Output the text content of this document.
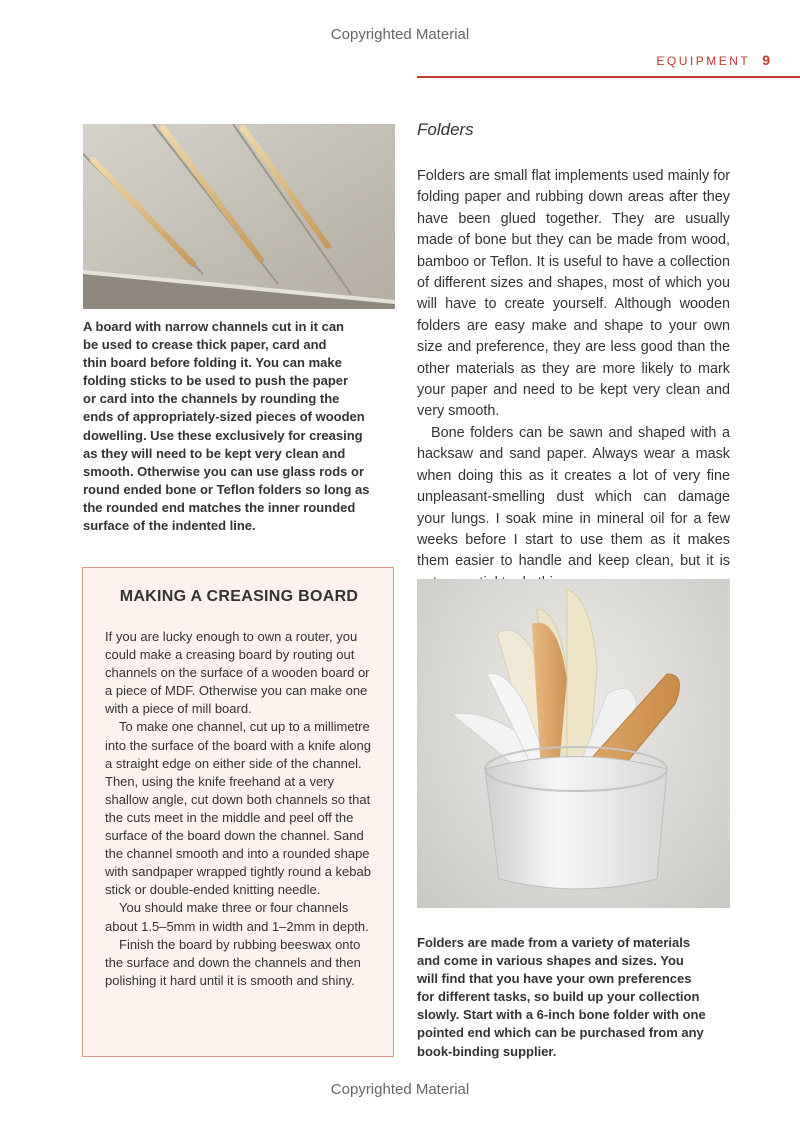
Copyrighted Material
EQUIPMENT 9
A board with narrow channels cut in it can
be used to crease thick paper, card and
thin board before folding it. You can make
folding sticks to be used to push the paper
or card into the channels by rounding the
ends of appropriately-sized pieces of wooden
dowelling. Use these exclusively for creasing
as they will need to be kept very clean and
smooth. Otherwise you can use glass rods or
round ended bone or Teflon folders so long as
the rounded end matches the inner rounded
surface of the indented line.
MAKING A CREASING BOARD

If you are lucky enough to own a router, you could make a creasing board by routing out channels on the surface of a wooden board or a piece of MDF. Otherwise you can make one with a piece of mill board.

To make one channel, cut up to a millimetre into the surface of the board with a knife along a straight edge on either side of the channel. Then, using the knife freehand at a very shallow angle, cut down both channels so that the cuts meet in the middle and peel off the surface of the board down the channel. Sand the channel smooth and into a rounded shape with sandpaper wrapped tightly round a kebab stick or double-ended knitting needle.

You should make three or four channels about 1.5–5mm in width and 1–2mm in depth.

Finish the board by rubbing beeswax onto the surface and down the channels and then polishing it hard until it is smooth and shiny.

Folders

Folders are small flat implements used mainly for folding paper and rubbing down areas after they have been glued together. They are usually made of bone but they can be made from wood, bamboo or Teflon. It is useful to have a collection of different sizes and shapes, most of which you will have to create yourself. Although wooden folders are easy make and shape to your own size and preference, they are less good than the other materials as they are more likely to mark your paper and need to be kept very clean and very smooth.

Bone folders can be sawn and shaped with a hacksaw and sand paper. Always wear a mask when doing this as it creates a lot of very fine unpleasant-smelling dust which can damage your lungs. I soak mine in mineral oil for a few weeks before I start to use them as it makes them easier to handle and keep clean, but it is

Folders are made from a variety of materials
and come in various shapes and sizes. You
will find that you have your own preferences
for different tasks, so build up your collection
slowly. Start with a 6-inch bone folder with one
pointed end which can be purchased from any
book-binding supplier.
Copyrighted Material
